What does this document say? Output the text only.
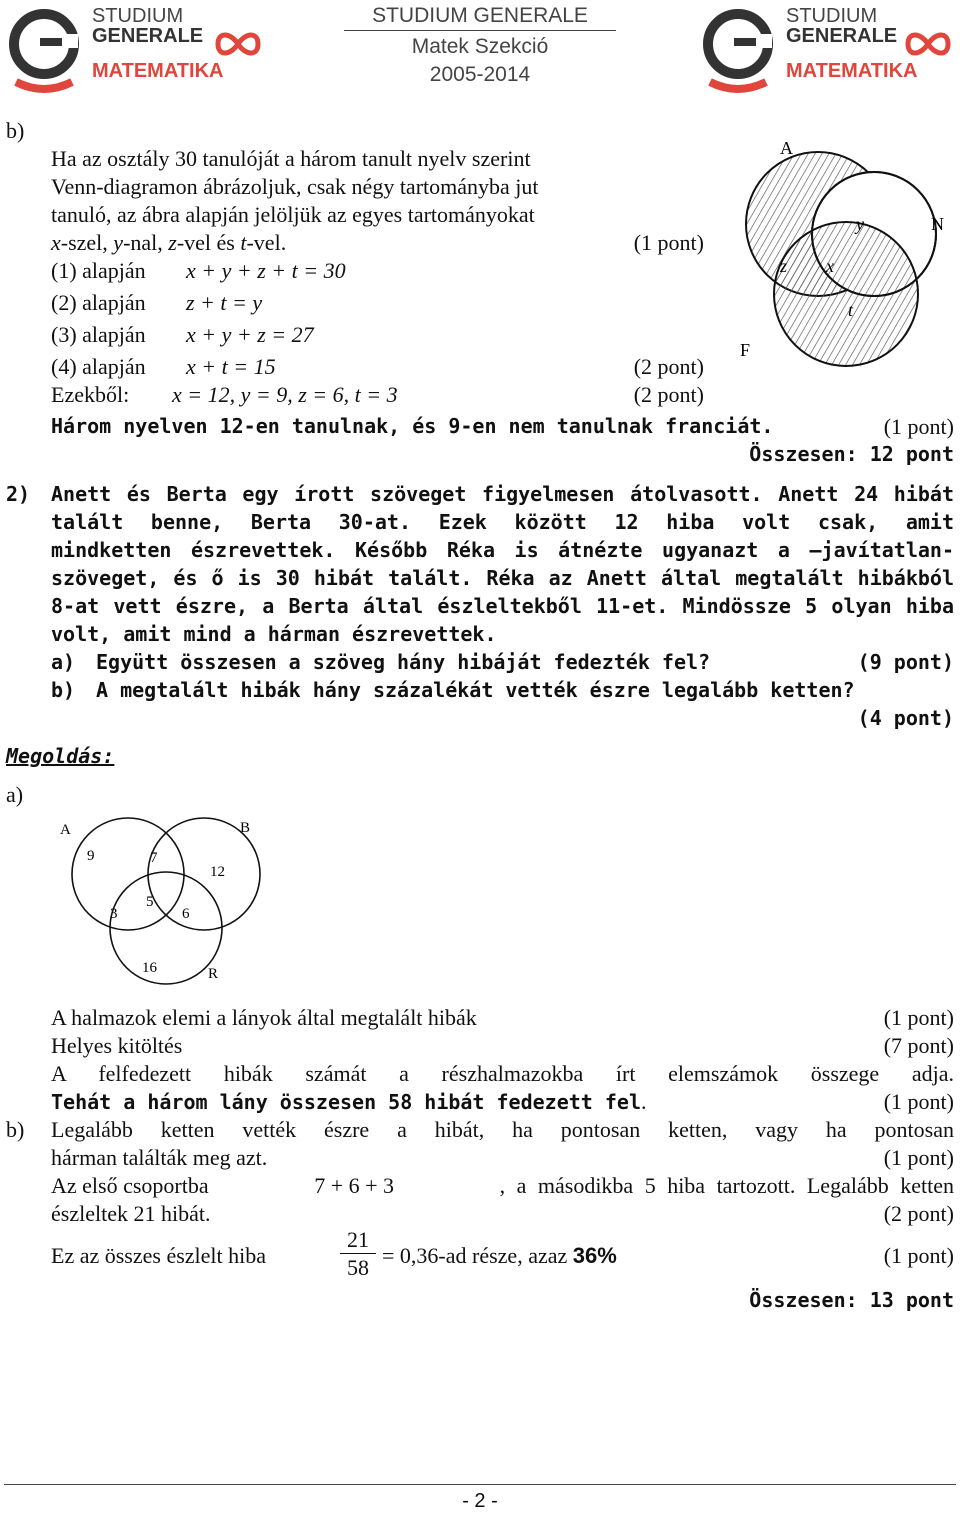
STUDIUM
GENERALE
MATEMATIKA
STUDIUM GENERALE
Matek Szekció
2005-2014
STUDIUM
GENERALE
MATEMATIKA
b)
Ha az osztály 30 tanulóját a három tanult nyelv szerint
Venn-diagramon ábrázoljuk, csak négy tartományba jut
tanuló, az ábra alapján jelöljük az egyes tartományokat
x-szel, y-nal, z-vel és t-vel.	(1 pont)
(1) alapján x + y + z + t = 30
(2) alapján z + t = y
(3) alapján x + y + z = 27
(4) alapján x + t = 15	(2 pont)
Ezekből: x = 12, y = 9, z = 6, t = 3	(2 pont)
Három nyelven 12-en tanulnak, és 9-en nem tanulnak franciát.	(1 pont)
Összesen: 12 pont
A
N
F
y
x
z
t
2) Anett és Berta egy írott szöveget figyelmesen átolvasott. Anett 24 hibát
talált benne, Berta 30-at. Ezek között 12 hiba volt csak, amit
mindketten észrevettek. Később Réka is átnézte ugyanazt a –javítatlan-
szöveget, és ő is 30 hibát talált. Réka az Anett által megtalált hibákból
8-at vett észre, a Berta által észleltekből 11-et. Mindössze 5 olyan hiba
volt, amit mind a hárman észrevettek.
a) Együtt összesen a szöveg hány hibáját fedezték fel?	(9 pont)
b) A megtalált hibák hány százalékát vették észre legalább ketten?
(4 pont)
Megoldás:
a)
A	B
R
9	7
12
3
5
6
16
A halmazok elemi a lányok által megtalált hibák	(1 pont)
Helyes kitöltés	(7 pont)
A felfedezett hibák számát a részhalmazokba írt elemszámok összege adja.
Tehát a három lány összesen 58 hibát fedezett fel.	(1 pont)
b) Legalább ketten vették észre a hibát, ha pontosan ketten, vagy ha pontosan
hárman találták meg azt.	(1 pont)
Az első csoportba	7 + 6 + 3	, a másodikba 5 hiba tartozott. Legalább ketten
észleltek 21 hibát.	(2 pont)
Ez az összes észlelt hiba	$\frac{21}{58} = 0,36-ad$ része, azaz 36%	(1 pont)
Összesen: 13 pont
- 2 -
